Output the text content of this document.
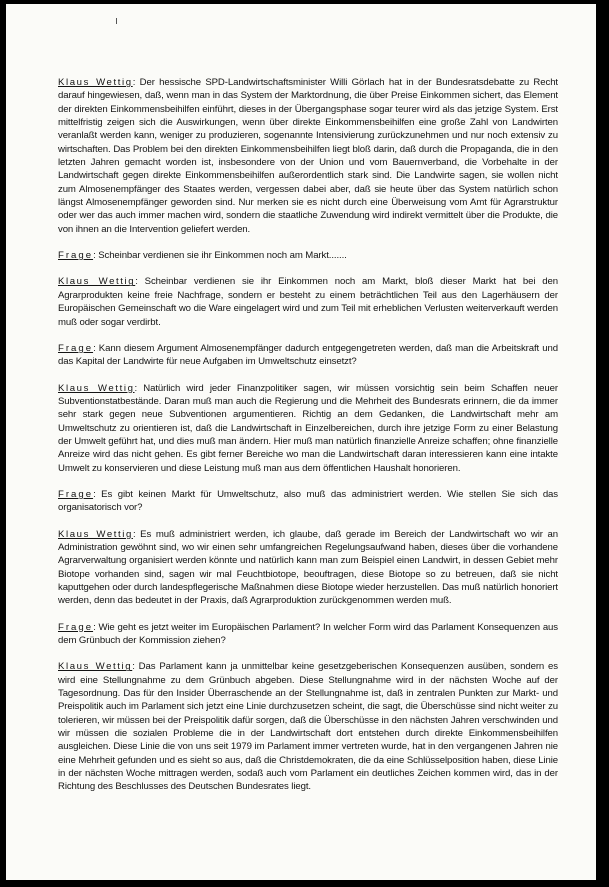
Klaus Wettig: Der hessische SPD-Landwirtschaftsminister Willi Görlach hat in der Bundesratsdebatte zu Recht darauf hingewiesen, daß, wenn man in das System der Marktordnung, die über Preise Einkommen sichert, das Element der direkten Einkommensbeihilfen einführt, dieses in der Übergangsphase sogar teurer wird als das jetzige System. Erst mittelfristig zeigen sich die Auswirkungen, wenn über direkte Einkommensbeihilfen eine große Zahl von Landwirten veranlaßt werden kann, weniger zu produzieren, sogenannte Intensivierung zurückzunehmen und nur noch extensiv zu wirtschaften. Das Problem bei den direkten Einkommensbeihilfen liegt bloß darin, daß durch die Propaganda, die in den letzten Jahren gemacht worden ist, insbesondere von der Union und vom Bauernverband, die Vorbehalte in der Landwirtschaft gegen direkte Einkommensbeihilfen außerordentlich stark sind. Die Landwirte sagen, sie wollen nicht zum Almosenempfänger des Staates werden, vergessen dabei aber, daß sie heute über das System natürlich schon längst Almosenempfänger geworden sind. Nur merken sie es nicht durch eine Überweisung vom Amt für Agrarstruktur oder wer das auch immer machen wird, sondern die staatliche Zuwendung wird indirekt vermittelt über die Produkte, die von ihnen an die Intervention geliefert werden.

Frage: Scheinbar verdienen sie ihr Einkommen noch am Markt.......

Klaus Wettig: Scheinbar verdienen sie ihr Einkommen noch am Markt, bloß dieser Markt hat bei den Agrarprodukten keine freie Nachfrage, sondern er besteht zu einem beträchtlichen Teil aus den Lagerhäusern der Europäischen Gemeinschaft wo die Ware eingelagert wird und zum Teil mit erheblichen Verlusten weiterverkauft werden muß oder sogar verdirbt.

Frage: Kann diesem Argument Almosenempfänger dadurch entgegengetreten werden, daß man die Arbeitskraft und das Kapital der Landwirte für neue Aufgaben im Umweltschutz einsetzt?

Klaus Wettig: Natürlich wird jeder Finanzpolitiker sagen, wir müssen vorsichtig sein beim Schaffen neuer Subventionstatbestände. Daran muß man auch die Regierung und die Mehrheit des Bundesrats erinnern, die da immer sehr stark gegen neue Subventionen argumentieren. Richtig an dem Gedanken, die Landwirtschaft mehr am Umweltschutz zu orientieren ist, daß die Landwirtschaft in Einzelbereichen, durch ihre jetzige Form zu einer Belastung der Umwelt geführt hat, und dies muß man ändern. Hier muß man natürlich finanzielle Anreize schaffen; ohne finanzielle Anreize wird das nicht gehen. Es gibt ferner Bereiche wo man die Landwirtschaft daran interessieren kann eine intakte Umwelt zu konservieren und diese Leistung muß man aus dem öffentlichen Haushalt honorieren.

Frage: Es gibt keinen Markt für Umweltschutz, also muß das administriert werden. Wie stellen Sie sich das organisatorisch vor?

Klaus Wettig: Es muß administriert werden, ich glaube, daß gerade im Bereich der Landwirtschaft wo wir an Administration gewöhnt sind, wo wir einen sehr umfangreichen Regelungsaufwand haben, dieses über die vorhandene Agrarverwaltung organisiert werden könnte und natürlich kann man zum Beispiel einen Landwirt, in dessen Gebiet mehr Biotope vorhanden sind, sagen wir mal Feuchtbiotope, beouftragen, diese Biotope so zu betreuen, daß sie nicht kaputtgehen oder durch landespflegerische Maßnahmen diese Biotope wieder herzustellen. Das muß natürlich honoriert werden, denn das bedeutet in der Praxis, daß Agrarproduktion zurückgenommen werden muß.

Frage: Wie geht es jetzt weiter im Europäischen Parlament? In welcher Form wird das Parlament Konsequenzen aus dem Grünbuch der Kommission ziehen?

Klaus Wettig: Das Parlament kann ja unmittelbar keine gesetzgeberischen Konsequenzen ausüben, sondern es wird eine Stellungnahme zu dem Grünbuch abgeben. Diese Stellungnahme wird in der nächsten Woche auf der Tagesordnung. Das für den Insider Überraschende an der Stellungnahme ist, daß in zentralen Punkten zur Markt- und Preispolitik auch im Parlament sich jetzt eine Linie durchzusetzen scheint, die sagt, die Überschüsse sind nicht weiter zu tolerieren, wir müssen bei der Preispolitik dafür sorgen, daß die Überschüsse in den nächsten Jahren verschwinden und wir müssen die sozialen Probleme die in der Landwirtschaft dort entstehen durch direkte Einkommensbeihilfen ausgleichen. Diese Linie die von uns seit 1979 im Parlament immer vertreten wurde, hat in den vergangenen Jahren nie eine Mehrheit gefunden und es sieht so aus, daß die Christdemokraten, die da eine Schlüsselposition haben, diese Linie in der nächsten Woche mittragen werden, sodaß auch vom Parlament ein deutliches Zeichen kommen wird, das in der Richtung des Beschlusses des Deutschen Bundesrates liegt.
